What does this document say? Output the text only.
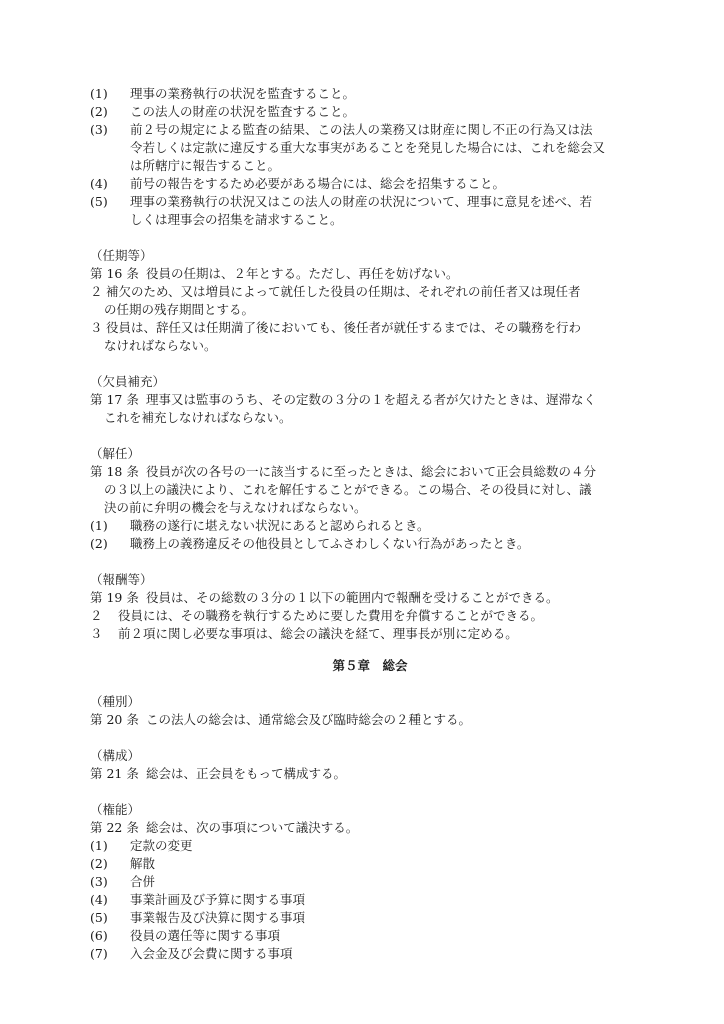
(1)	理事の業務執行の状況を監査すること。
(2)	この法人の財産の状況を監査すること。
(3)	前２号の規定による監査の結果、この法人の業務又は財産に関し不正の行為又は法
令若しくは定款に違反する重大な事実があることを発見した場合には、これを総会又
は所轄庁に報告すること。
(4)	前号の報告をするため必要がある場合には、総会を招集すること。
(5)	理事の業務執行の状況又はこの法人の財産の状況について、理事に意見を述べ、若
しくは理事会の招集を請求すること。
（任期等）
第 16 条 役員の任期は、２年とする。ただし、再任を妨げない。
２ 補欠のため、又は増員によって就任した役員の任期は、それぞれの前任者又は現任者
の任期の残存期間とする。
３ 役員は、辞任又は任期満了後においても、後任者が就任するまでは、その職務を行わ
なければならない。
（欠員補充）
第 17 条 理事又は監事のうち、その定数の３分の１を超える者が欠けたときは、遅滞なく
これを補充しなければならない。
（解任）
第 18 条 役員が次の各号の一に該当するに至ったときは、総会において正会員総数の４分
の３以上の議決により、これを解任することができる。この場合、その役員に対し、議
決の前に弁明の機会を与えなければならない。
(1)	職務の遂行に堪えない状況にあると認められるとき。
(2)	職務上の義務違反その他役員としてふさわしくない行為があったとき。
（報酬等）
第 19 条 役員は、その総数の３分の１以下の範囲内で報酬を受けることができる。
２	役員には、その職務を執行するために要した費用を弁償することができる。
３	前２項に関し必要な事項は、総会の議決を経て、理事長が別に定める。
第５章　総会
（種別）
第 20 条 この法人の総会は、通常総会及び臨時総会の２種とする。
（構成）
第 21 条 総会は、正会員をもって構成する。
（権能）
第 22 条 総会は、次の事項について議決する。
(1)	定款の変更
(2)	解散
(3)	合併
(4)	事業計画及び予算に関する事項
(5)	事業報告及び決算に関する事項
(6)	役員の選任等に関する事項
(7)	入会金及び会費に関する事項
